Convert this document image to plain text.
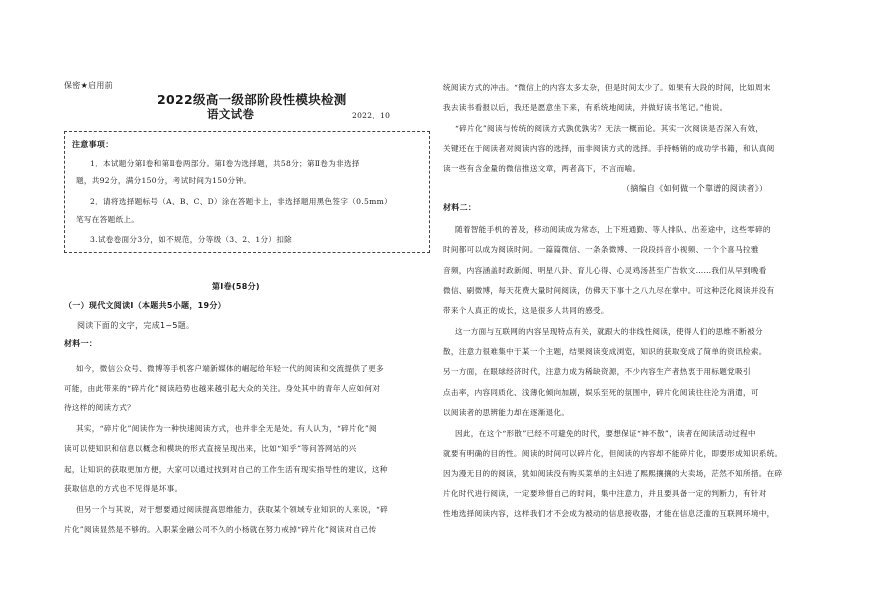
保密★启用前
2022级高一级部阶段性模块检测
语文试卷	2022．10
注意事项：
1．本试题分第Ⅰ卷和第Ⅱ卷两部分。第Ⅰ卷为选择题，共58分；第Ⅱ卷为非选择
题，共92分，满分150分，考试时间为150分钟。
2．请将选择题标号（A、B、C、D）涂在答题卡上，非选择题用黑色签字（0.5mm）
笔写在答题纸上。
3.试卷卷面分3分，如不规范，分等级（3、2、1分）扣除
第Ⅰ卷(58分)
（一）现代文阅读Ⅰ（本题共5小题，19分）
阅读下面的文字，完成1~5题。
材料一：
如今，微信公众号、微博等手机客户端新媒体的崛起给年轻一代的阅读和交流提供了更多
可能，由此带来的“碎片化”阅读趋势也越来越引起大众的关注。身处其中的青年人应如何对
待这样的阅读方式？
其实，“碎片化”阅读作为一种快速阅读方式，也并非全无是处。有人认为，“碎片化”阅
读可以使知识和信息以概念和模块的形式直接呈现出来，比如“知乎”等问答网站的兴
起，让知识的获取更加方便，大家可以通过找到对自己的工作生活有现实指导性的建议，这种
获取信息的方式也不见得是坏事。
但另一个与其说，对于想要通过阅读提高思维能力，获取某个领域专业知识的人来说，“碎
片化”阅读显然是不够的。入职某金融公司不久的小杨就在努力戒掉“碎片化”阅读对自己传
统阅读方式的冲击。“微信上的内容太多太杂，但是时间太少了。如果有大段的时间，比如周末
我去读书看报以后，我还是愿意坐下来，有系统地阅读，并做好读书笔记。”他说。
“碎片化”阅读与传统的阅读方式孰优孰劣？无法一概而论。其实一次阅读是否深入有效，
关键还在于阅读者对阅读内容的选择，而非阅读方式的选择。手持畅销的成功学书籍，和认真阅
读一些有含金量的微信推送文章，两者高下，不言而喻。
（摘编自《如何做一个靠谱的阅读者》）
材料二：
随着智能手机的普及，移动阅读成为常态，上下班通勤、等人排队、出差途中，这些零碎的
时间都可以成为阅读时间。一篇篇微信、一条条微博、一段段抖音小视频、一个个喜马拉雅
音频，内容涵盖时政新闻、明星八卦、育儿心得、心灵鸡汤甚至广告软文……我们从早到晚看
微信、刷微博，每天花费大量时间阅读，仿佛天下事十之八九尽在掌中。可这种泛化阅读并没有
带来个人真正的成长，这是很多人共同的感受。
这一方面与互联网的内容呈现特点有关，就跟大的非线性阅读，使得人们的思维不断被分
散，注意力很难集中于某一个主题，结果阅读变成浏览，知识的获取变成了简单的资讯检索。
另一方面，在眼球经济时代，注意力成为稀缺资源，不少内容生产者热衷于用标题党吸引
点击率，内容同质化、浅薄化倾向加剧，娱乐至死的氛围中，碎片化阅读往往沦为消遣，可
以阅读者的思辨能力却在逐渐退化。
因此，在这个“形散”已经不可避免的时代，要想保证“神不散”，读者在阅读活动过程中
就要有明确的目的性。阅读的时间可以碎片化，但阅读的内容却不能碎片化，即要形成知识系统。
因为漫无目的的阅读，犹如阅读没有购买菜单的主妇进了熙熙攘攘的大卖场，茫然不知所措。在碎
片化时代进行阅读，一定要珍惜自己的时间，集中注意力，并且要具备一定的判断力，有针对
性地选择阅读内容，这样我们才不会成为被动的信息接收器，才能在信息泛滥的互联网环境中，
